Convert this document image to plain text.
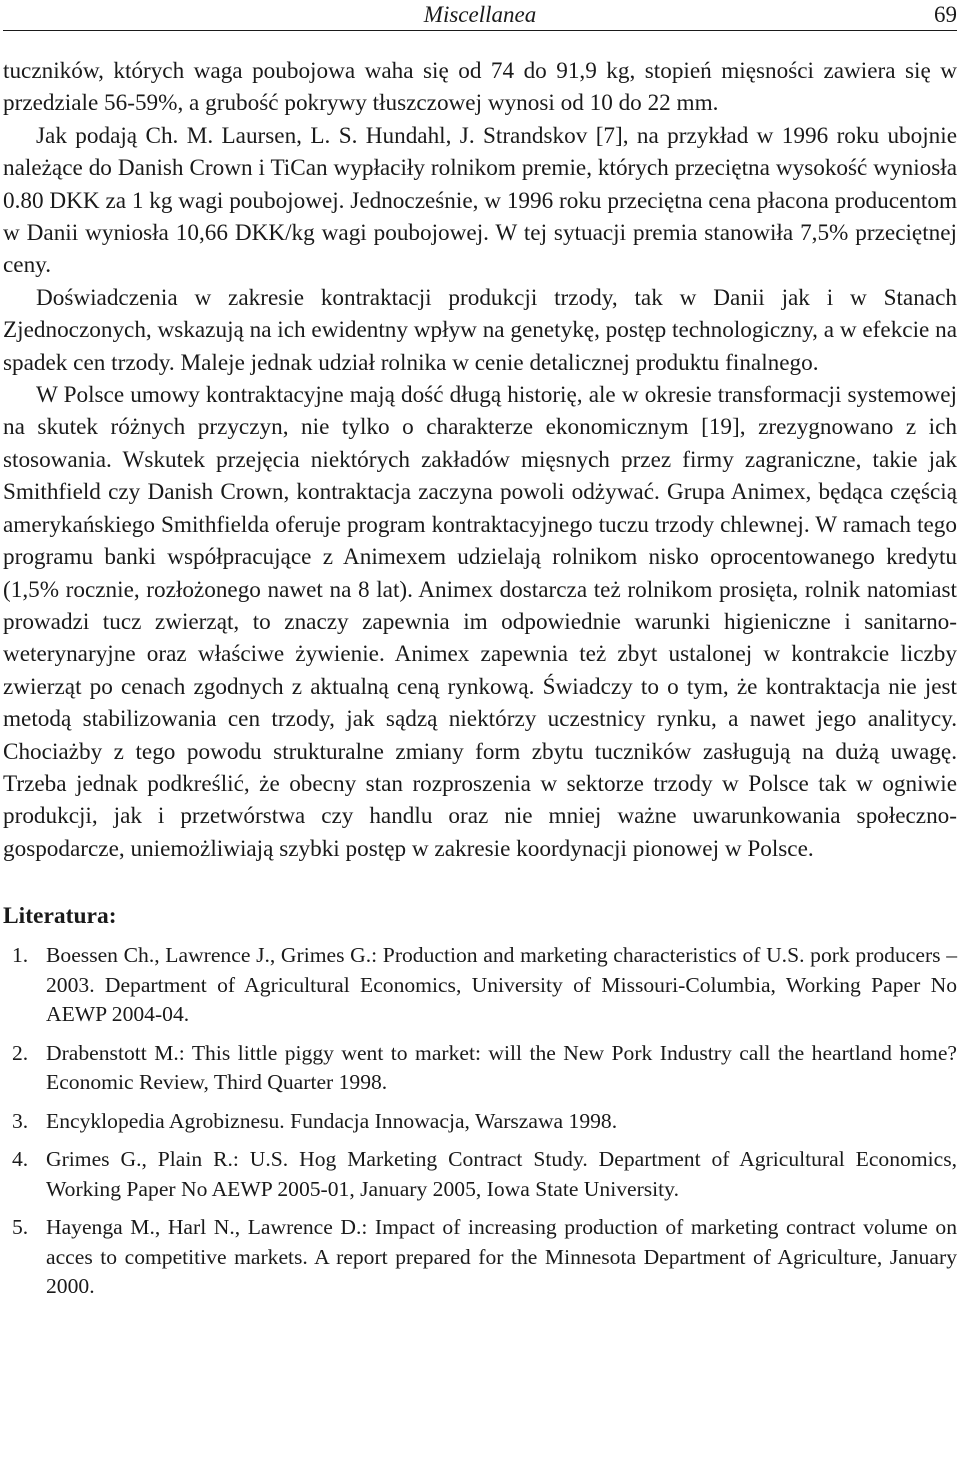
Miscellanea	69

tuczników, których waga poubojowa waha się od 74 do 91,9 kg, stopień mięsności zawiera się w przedziale 56-59%, a grubość pokrywy tłuszczowej wynosi od 10 do 22 mm.

Jak podają Ch. M. Laursen, L. S. Hundahl, J. Strandskov [7], na przykład w 1996 roku ubojnie należące do Danish Crown i TiCan wypłaciły rolnikom premie, których przeciętna wysokość wyniosła 0.80 DKK za 1 kg wagi poubojowej. Jednocześnie, w 1996 roku przeciętna cena płacona producentom w Danii wyniosła 10,66 DKK/kg wagi poubojowej. W tej sytuacji premia stanowiła 7,5% przeciętnej ceny.

Doświadczenia w zakresie kontraktacji produkcji trzody, tak w Danii jak i w Stanach Zjednoczonych, wskazują na ich ewidentny wpływ na genetykę, postęp technologiczny, a w efekcie na spadek cen trzody. Maleje jednak udział rolnika w cenie detalicznej produktu finalnego.

W Polsce umowy kontraktacyjne mają dość długą historię, ale w okresie transformacji systemowej na skutek różnych przyczyn, nie tylko o charakterze ekonomicznym [19], zrezygnowano z ich stosowania. Wskutek przejęcia niektórych zakładów mięsnych przez firmy zagraniczne, takie jak Smithfield czy Danish Crown, kontraktacja zaczyna powoli odżywać. Grupa Animex, będąca częścią amerykańskiego Smithfielda oferuje program kontraktacyjnego tuczu trzody chlewnej. W ramach tego programu banki współpracujące z Animexem udzielają rolnikom nisko oprocentowanego kredytu (1,5% rocznie, rozłożonego nawet na 8 lat). Animex dostarcza też rolnikom prosięta, rolnik natomiast prowadzi tucz zwierząt, to znaczy zapewnia im odpowiednie warunki higieniczne i sanitarno-weterynaryjne oraz właściwe żywienie. Animex zapewnia też zbyt ustalonej w kontrakcie liczby zwierząt po cenach zgodnych z aktualną ceną rynkową. Świadczy to o tym, że kontraktacja nie jest metodą stabilizowania cen trzody, jak sądzą niektórzy uczestnicy rynku, a nawet jego analitycy. Chociażby z tego powodu strukturalne zmiany form zbytu tuczników zasługują na dużą uwagę. Trzeba jednak podkreślić, że obecny stan rozproszenia w sektorze trzody w Polsce tak w ogniwie produkcji, jak i przetwórstwa czy handlu oraz nie mniej ważne uwarunkowania społeczno-gospodarcze, uniemożliwiają szybki postęp w zakresie koordynacji pionowej w Polsce.

Literatura:
1. Boessen Ch., Lawrence J., Grimes G.: Production and marketing characteristics of U.S. pork producers – 2003. Department of Agricultural Economics, University of Missouri-Columbia, Working Paper No AEWP 2004-04.
2. Drabenstott M.: This little piggy went to market: will the New Pork Industry call the heartland home? Economic Review, Third Quarter 1998.
3. Encyklopedia Agrobiznesu. Fundacja Innowacja, Warszawa 1998.
4. Grimes G., Plain R.: U.S. Hog Marketing Contract Study. Department of Agricultural Economics, Working Paper No AEWP 2005-01, January 2005, Iowa State University.
5. Hayenga M., Harl N., Lawrence D.: Impact of increasing production of marketing contract volume on acces to competitive markets. A report prepared for the Minnesota Department of Agriculture, January 2000.
